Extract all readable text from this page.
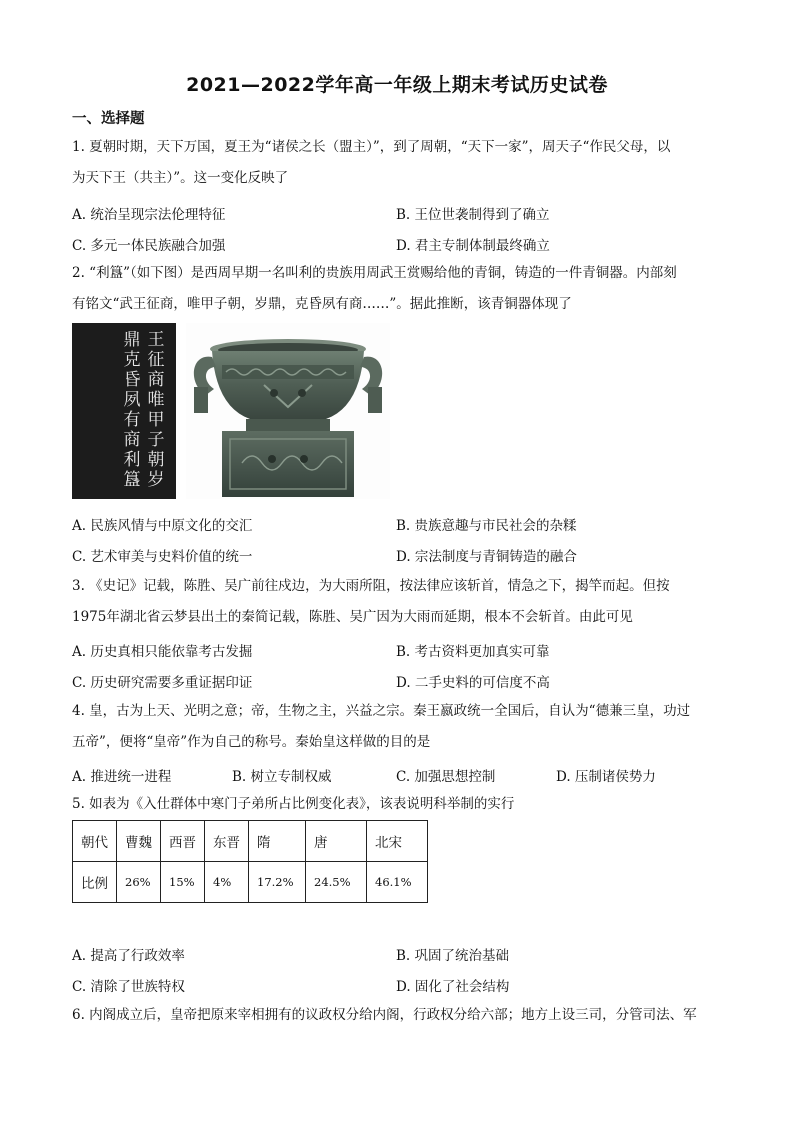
2021—2022学年高一年级上期末考试历史试卷
一、选择题
1. 夏朝时期，天下万国，夏王为“诸侯之长（盟主）”，到了周朝，“天下一家”，周天子“作民父母，以
为天下王（共主）”。这一变化反映了
A. 统治呈现宗法伦理特征	B. 王位世袭制得到了确立
C. 多元一体民族融合加强	D. 君主专制体制最终确立
2. “利簋”（如下图）是西周早期一名叫利的贵族用周武王赏赐给他的青铜，铸造的一件青铜器。内部刻
有铭文“武王征商，唯甲子朝，岁鼎，克昏夙有商……”。据此推断，该青铜器体现了
王
征
商
唯
甲
子
朝
岁
鼎
克
昏
夙
有
商
利
簋
A. 民族风情与中原文化的交汇	B. 贵族意趣与市民社会的杂糅
C. 艺术审美与史料价值的统一	D. 宗法制度与青铜铸造的融合
3. 《史记》记载，陈胜、吴广前往戍边，为大雨所阻，按法律应该斩首，情急之下，揭竿而起。但按
1975年湖北省云梦县出土的秦简记载，陈胜、吴广因为大雨而延期，根本不会斩首。由此可见
A. 历史真相只能依靠考古发掘	B. 考古资料更加真实可靠
C. 历史研究需要多重证据印证	D. 二手史料的可信度不高
4. 皇，古为上天、光明之意；帝，生物之主，兴益之宗。秦王嬴政统一全国后，自认为“德兼三皇，功过
五帝”，便将“皇帝”作为自己的称号。秦始皇这样做的目的是
A. 推进统一进程	B. 树立专制权威	C. 加强思想控制	D. 压制诸侯势力
5. 如表为《入仕群体中寒门子弟所占比例变化表》，该表说明科举制的实行
朝代	曹魏	西晋	东晋	隋	唐	北宋
比例	26%	15%	4%	17.2%	24.5%	46.1%
A. 提高了行政效率	B. 巩固了统治基础
C. 清除了世族特权	D. 固化了社会结构
6. 内阁成立后，皇帝把原来宰相拥有的议政权分给内阁，行政权分给六部；地方上设三司，分管司法、军
